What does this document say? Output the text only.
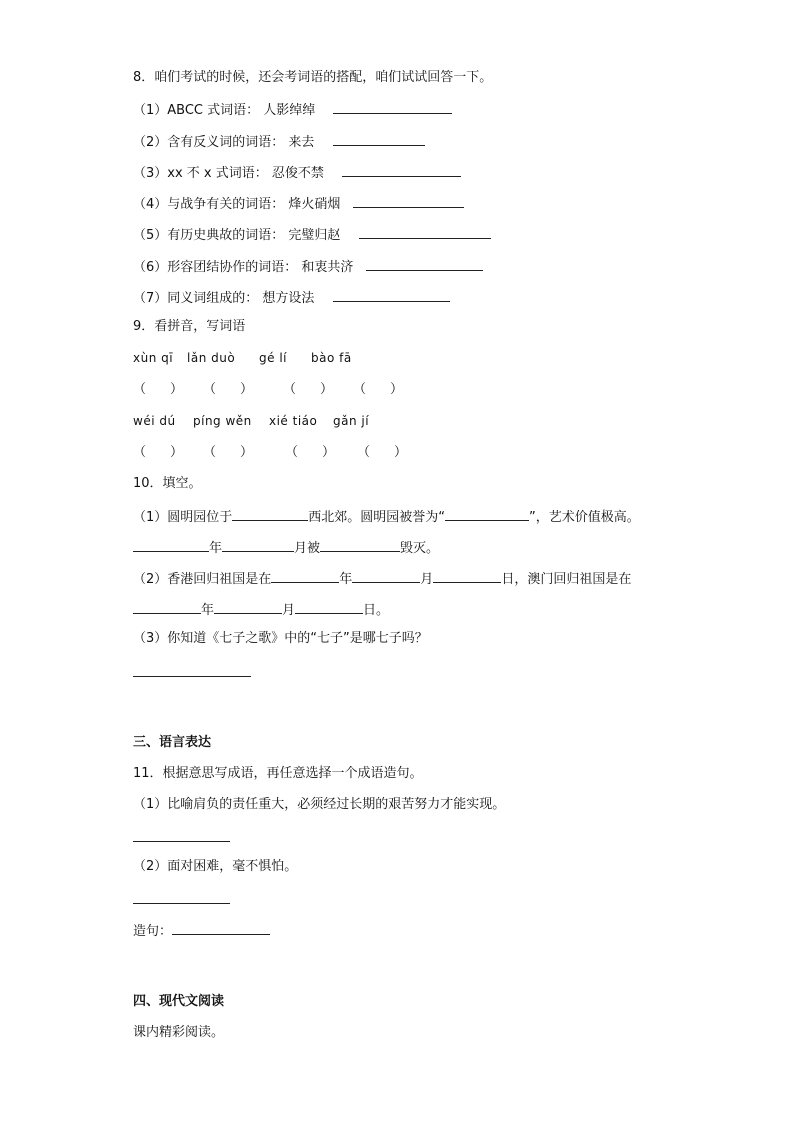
8．咱们考试的时候，还会考词语的搭配，咱们试试回答一下。
（1）ABCC 式词语： 人影绰绰
（2）含有反义词的词语： 来去
（3）xx 不 x 式词语： 忍俊不禁
（4）与战争有关的词语： 烽火硝烟
（5）有历史典故的词语： 完璧归赵
（6）形容团结协作的词语： 和衷共济
（7）同义词组成的： 想方设法
9．看拼音，写词语
xùn qī lǎn duò gé lí bào fā
（ ） （ ） （ ） （ ）
wéi dú píng wěn xié tiáo gǎn jí
（ ） （ ） （ ） （ ）
10．填空。
（1）圆明园位于	西北郊。圆明园被誉为“	”，艺术价值极高。
年	月被	毁灭。
（2）香港回归祖国是在	年	月	日，澳门回归祖国是在
年	月	日。
（3）你知道《七子之歌》中的“七子”是哪七子吗？
三、语言表达
11．根据意思写成语，再任意选择一个成语造句。
（1）比喻肩负的责任重大，必须经过长期的艰苦努力才能实现。
（2）面对困难，毫不惧怕。
造句：
四、现代文阅读
课内精彩阅读。
